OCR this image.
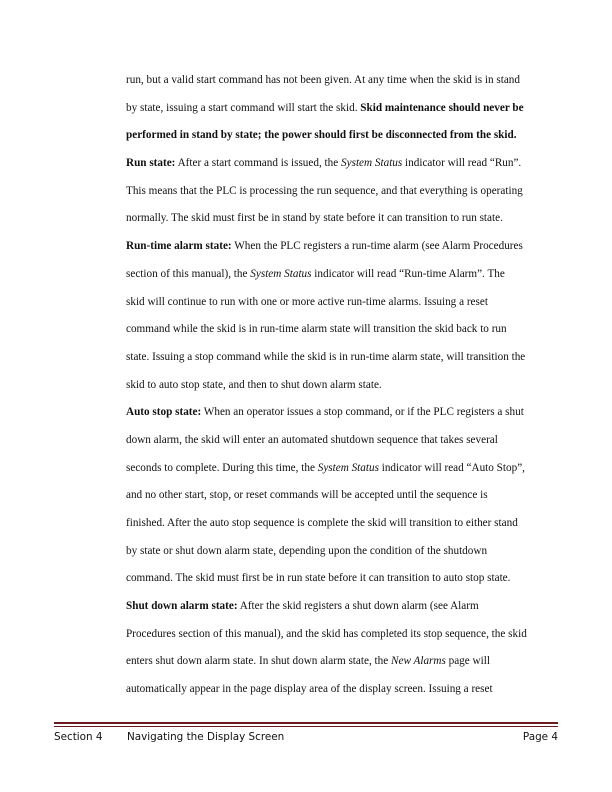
run, but a valid start command has not been given. At any time when the skid is in stand
by state, issuing a start command will start the skid. Skid maintenance should never be
performed in stand by state; the power should first be disconnected from the skid.
Run state: After a start command is issued, the System Status indicator will read “Run”.
This means that the PLC is processing the run sequence, and that everything is operating
normally. The skid must first be in stand by state before it can transition to run state.
Run-time alarm state: When the PLC registers a run-time alarm (see Alarm Procedures
section of this manual), the System Status indicator will read “Run-time Alarm”. The
skid will continue to run with one or more active run-time alarms. Issuing a reset
command while the skid is in run-time alarm state will transition the skid back to run
state. Issuing a stop command while the skid is in run-time alarm state, will transition the
skid to auto stop state, and then to shut down alarm state.
Auto stop state: When an operator issues a stop command, or if the PLC registers a shut
down alarm, the skid will enter an automated shutdown sequence that takes several
seconds to complete. During this time, the System Status indicator will read “Auto Stop”,
and no other start, stop, or reset commands will be accepted until the sequence is
finished. After the auto stop sequence is complete the skid will transition to either stand
by state or shut down alarm state, depending upon the condition of the shutdown
command. The skid must first be in run state before it can transition to auto stop state.
Shut down alarm state: After the skid registers a shut down alarm (see Alarm
Procedures section of this manual), and the skid has completed its stop sequence, the skid
enters shut down alarm state. In shut down alarm state, the New Alarms page will
automatically appear in the page display area of the display screen. Issuing a reset
Section 4 Navigating the Display Screen	Page 4
